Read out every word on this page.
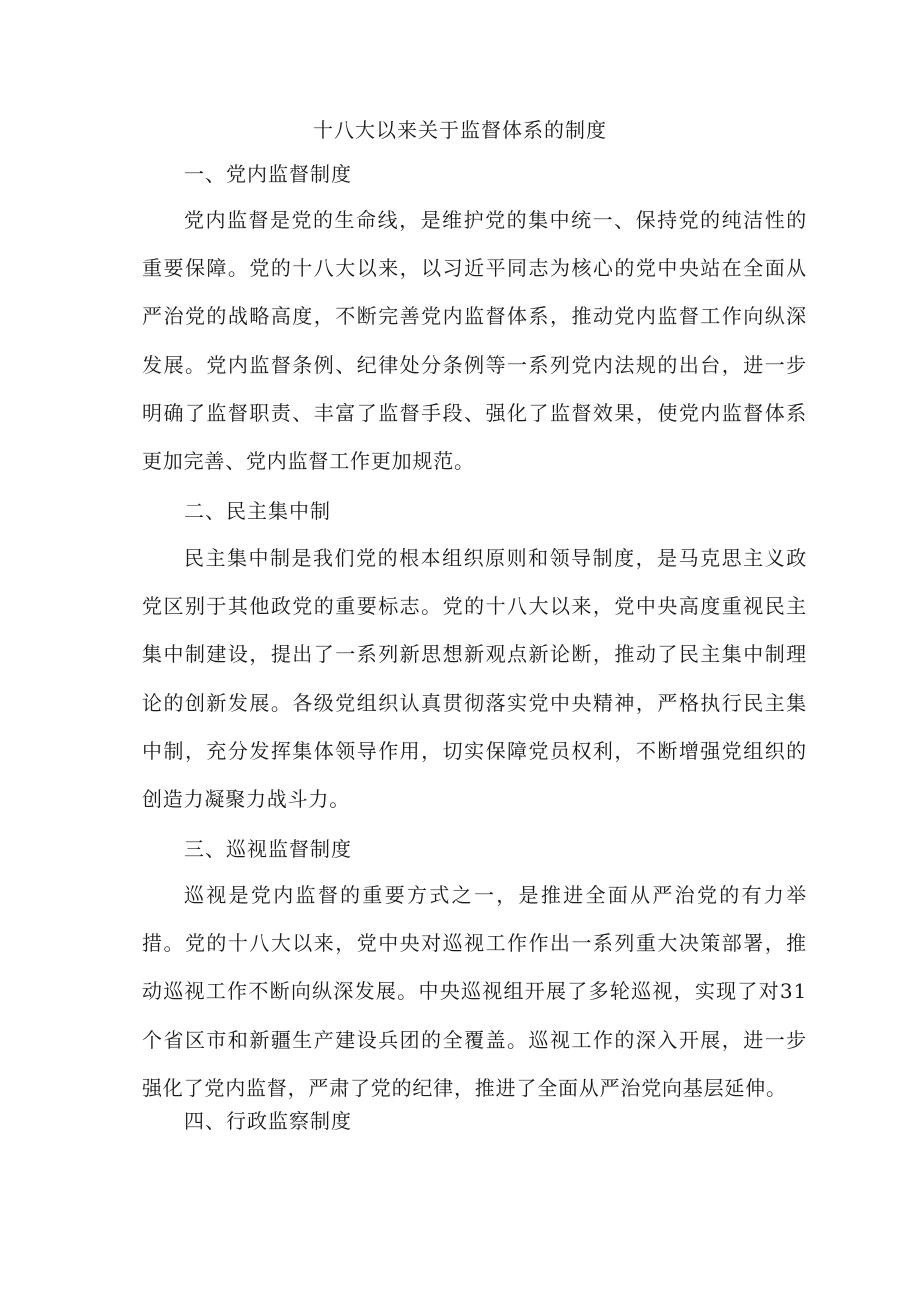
十八大以来关于监督体系的制度
一、党内监督制度
党内监督是党的生命线，是维护党的集中统一、保持党的纯洁性的重要保障。党的十八大以来，以习近平同志为核心的党中央站在全面从严治党的战略高度，不断完善党内监督体系，推动党内监督工作向纵深发展。党内监督条例、纪律处分条例等一系列党内法规的出台，进一步明确了监督职责、丰富了监督手段、强化了监督效果，使党内监督体系更加完善、党内监督工作更加规范。
二、民主集中制
民主集中制是我们党的根本组织原则和领导制度，是马克思主义政党区别于其他政党的重要标志。党的十八大以来，党中央高度重视民主集中制建设，提出了一系列新思想新观点新论断，推动了民主集中制理论的创新发展。各级党组织认真贯彻落实党中央精神，严格执行民主集中制，充分发挥集体领导作用，切实保障党员权利，不断增强党组织的创造力凝聚力战斗力。
三、巡视监督制度
巡视是党内监督的重要方式之一，是推进全面从严治党的有力举措。党的十八大以来，党中央对巡视工作作出一系列重大决策部署，推动巡视工作不断向纵深发展。中央巡视组开展了多轮巡视，实现了对31个省区市和新疆生产建设兵团的全覆盖。巡视工作的深入开展，进一步强化了党内监督，严肃了党的纪律，推进了全面从严治党向基层延伸。
四、行政监察制度
